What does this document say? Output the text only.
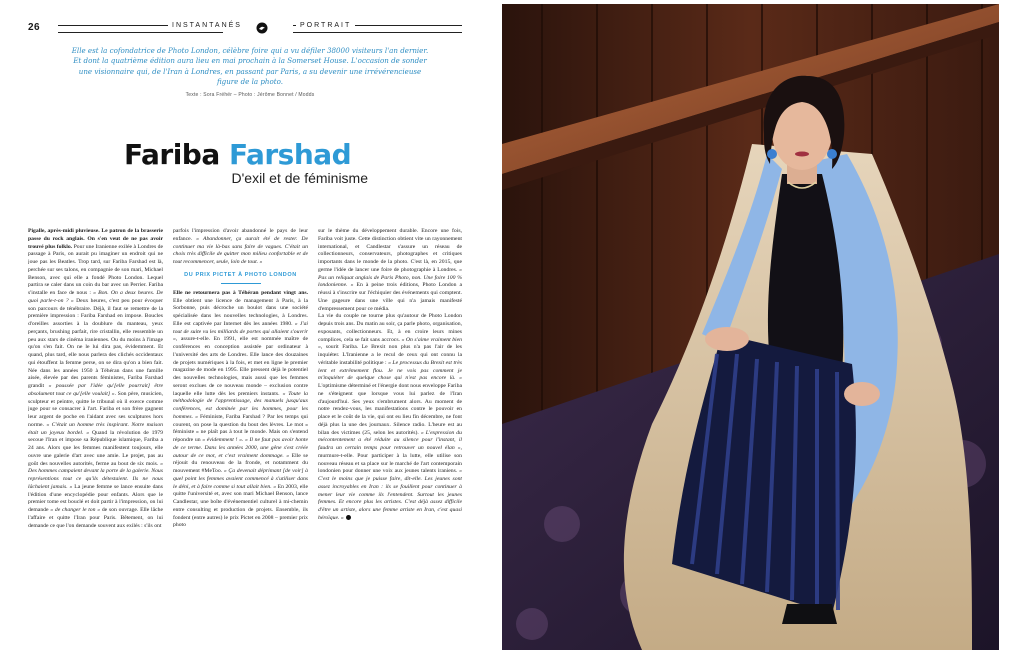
26	INSTANTANÉS	PORTRAIT

Elle est la cofondatrice de Photo London, célèbre foire qui a vu défiler 38000 visiteurs l'an dernier. Et dont la quatrième édition aura lieu en mai prochain à la Somerset House. L'occasion de sonder une visionnaire qui, de l'Iran à Londres, en passant par Paris, a su devenir une irrévérencieuse figure de la photo.

Texte : Sora Fréhër – Photo : Jérôme Bonnet / Modds

Fariba Farshad
D'exil et de féminisme

Pigalle, après-midi pluvieuse. Le patron de la brasserie passe du rock anglais. On s'en veut de ne pas avoir trouvé plus folklo. Pour une Iranienne exilée à Londres de passage à Paris, on aurait pu imaginer un endroit qui ne joue pas les Beatles. Trop tard, sur Fariba Farshad est là, perchée sur ses talons, en compagnie de son mari, Michael Benson, avec qui elle a fondé Photo London. Lequel partira se caler dans un coin du bar avec un Perrier. Fariba s'installe en face de nous : « Bon. On a deux heures. De quoi parle-t-on ? » Deux heures, c'est peu pour évoquer son parcours de ténébraire. Déjà, il faut se remettre de la première impression : Fariba Farshad en impose. Boucles d'oreilles assorties à la doublure du manteau, yeux perçants, brushing parfait, rire cristallin, elle ressemble un peu aux stars de cinéma iraniennes. Ou du moins à l'image qu'on s'en fait. On ne le lui dira pas, évidemment. Et quand, plus tard, elle nous parlera des clichés occidentaux qui étouffent la femme perse, on se dira qu'on a bien fait. Née dans les années 1950 à Téhéran dans une famille aisée, élevée par des parents féministes, Fariba Farshad grandit « poussée par l'idée qu'[elle pourrait] être absolument tout ce qu'[elle voulait] ». Son père, musicien, sculpteur et peintre, quitte le tribunal où il exerce comme juge pour se consacrer à l'art. Fariba et son frère gagnent leur argent de poche en l'aidant avec ses sculptures hors norme. « C'était un homme très inspirant. Notre maison était un joyeux bordel. » Quand la révolution de 1979 secoue l'Iran et impose sa République islamique, Fariba a 24 ans. Alors que les femmes manifestent toujours, elle ouvre une galerie d'art avec une amie. Le projet, pas au goût des nouvelles autorités, ferme au bout de six mois. « Des hommes campaient devant la porte de la galerie. Nous représentions tout ce qu'ils détestaient. Ils ne nous lâchaient jamais. » La jeune femme se lance ensuite dans l'édition d'une encyclopédie pour enfants. Alors que le premier tome est bouclé et doit partir à l'impression, on lui demande « de changer le ton » de son ouvrage. Elle lâche l'affaire et quitte l'Iran pour Paris. Bêtement, on lui demande ce que l'on demande souvent aux exilés : s'ils ont

parfois l'impression d'avoir abandonné le pays de leur enfance. « Abandonner, ça aurait été de rester. De continuer ma vie là-bas sans faire de vagues. C'était un choix très difficile de quitter mon milieu confortable et de tout recommencer, seule, loin de tout. »

DU PRIX PICTET À PHOTO LONDON

Elle ne retournera pas à Téhéran pendant vingt ans. Elle obtient une licence de management à Paris, à la Sorbonne, puis décroche un boulot dans une société spécialisée dans les nouvelles technologies, à Londres. Elle est captivée par Internet dès les années 1980. « J'ai tout de suite vu les milliards de portes qui allaient s'ouvrir », assure-t-elle. En 1991, elle est nommée maître de conférences en conception assistée par ordinateur à l'université des arts de Londres. Elle lance des douzaines de projets numériques à la fois, et met en ligne le premier magazine de mode en 1995. Elle pressent déjà le potentiel des nouvelles technologies, mais aussi que les femmes seront exclues de ce nouveau monde – exclusion contre laquelle elle lutte dès les premiers instants. « Toute la méthodologie de l'apprentissage, des manuels jusqu'aux conférences, est dominée par les hommes, pour les hommes. » Féministe, Fariba Farshad ? Par les temps qui courent, on pose la question du bout des lèvres. Le mot « féministe » ne plaît pas à tout le monde. Mais on s'entend répondre un « évidemment ! ». « Il ne faut pas avoir honte de ce terme. Dans les années 2000, une gêne s'est créée autour de ce mot, et c'est vraiment dommage. » Elle se réjouit du renouveau de la fronde, et notamment du mouvement #MeToo. « Ça devenait déprimant [de voir] à quel point les femmes avaient commencé à s'utiliser dans le déni, et à faire comme si tout allait bien. » En 2003, elle quitte l'université et, avec son mari Michael Benson, lance Candlestar, une boîte d'événementiel culturel à mi-chemin entre consulting et production de projets. Ensemble, ils fondent (entre autres) le prix Pictet en 2008 – premier prix photo

sur le thème du développement durable. Encore une fois, Fariba voit juste. Cette distinction obtient vite un rayonnement international, et Candlestar s'assure un réseau de collectionneurs, conservateurs, photographes et critiques importants dans le monde de la photo. C'est là, en 2015, que germe l'idée de lancer une foire de photographie à Londres. « Pas un reliquat anglais de Paris Photo, non. Une foire 100 % londonienne. » En à peine trois éditions, Photo London a réussi à s'inscrire sur l'échiquier des événements qui comptent. Une gageure dans une ville qui n'a jamais manifesté d'empressement pour ce média.

La vie du couple ne tourne plus qu'autour de Photo London depuis trois ans. Du matin au soir, ça parle photo, organisation, exposants, collectionneurs. Et, à en croire leurs mines complices, cela se fait sans accrocs. « On s'aime vraiment bien », sourit Fariba. Le Brexit non plus n'a pas l'air de les inquiéter. L'Iranienne a le recul de ceux qui ont connu la véritable instabilité politique : « Le processus du Brexit est très lent et extrêmement flou. Je ne vois pas comment je m'inquiéter de quelque chose qui n'est pas encore là. » L'optimisme déterminé et l'énergie dont nous enveloppe Fariba ne s'éteignent que lorsque vous lui parlez de l'Iran d'aujourd'hui. Ses yeux s'embrument alors. Au moment de notre rendez-vous, les manifestations contre le pouvoir en place et le coût de la vie, qui ont eu lieu fin décembre, ne font déjà plus la une des journaux. Silence radio. L'heure est au bilan des victimes (25, selon les autorités). « L'expression du mécontentement a été réduite au silence pour l'instant, il faudra un certain temps pour retrouver un nouvel élan », murmure-t-elle. Pour participer à la lutte, elle utilise son nouveau réseau et sa place sur le marché de l'art contemporain londonien pour donner une voix aux jeunes talents iraniens. « C'est le moins que je puisse faire, dit-elle. Les jeunes sont assez incroyables en Iran : ils se fouillent pour continuer à mener leur vie comme ils l'entendent. Surtout les jeunes femmes. Et encore plus les artistes. C'est déjà assez difficile d'être un artiste, alors une femme artiste en Iran, c'est quasi héroïque. »
